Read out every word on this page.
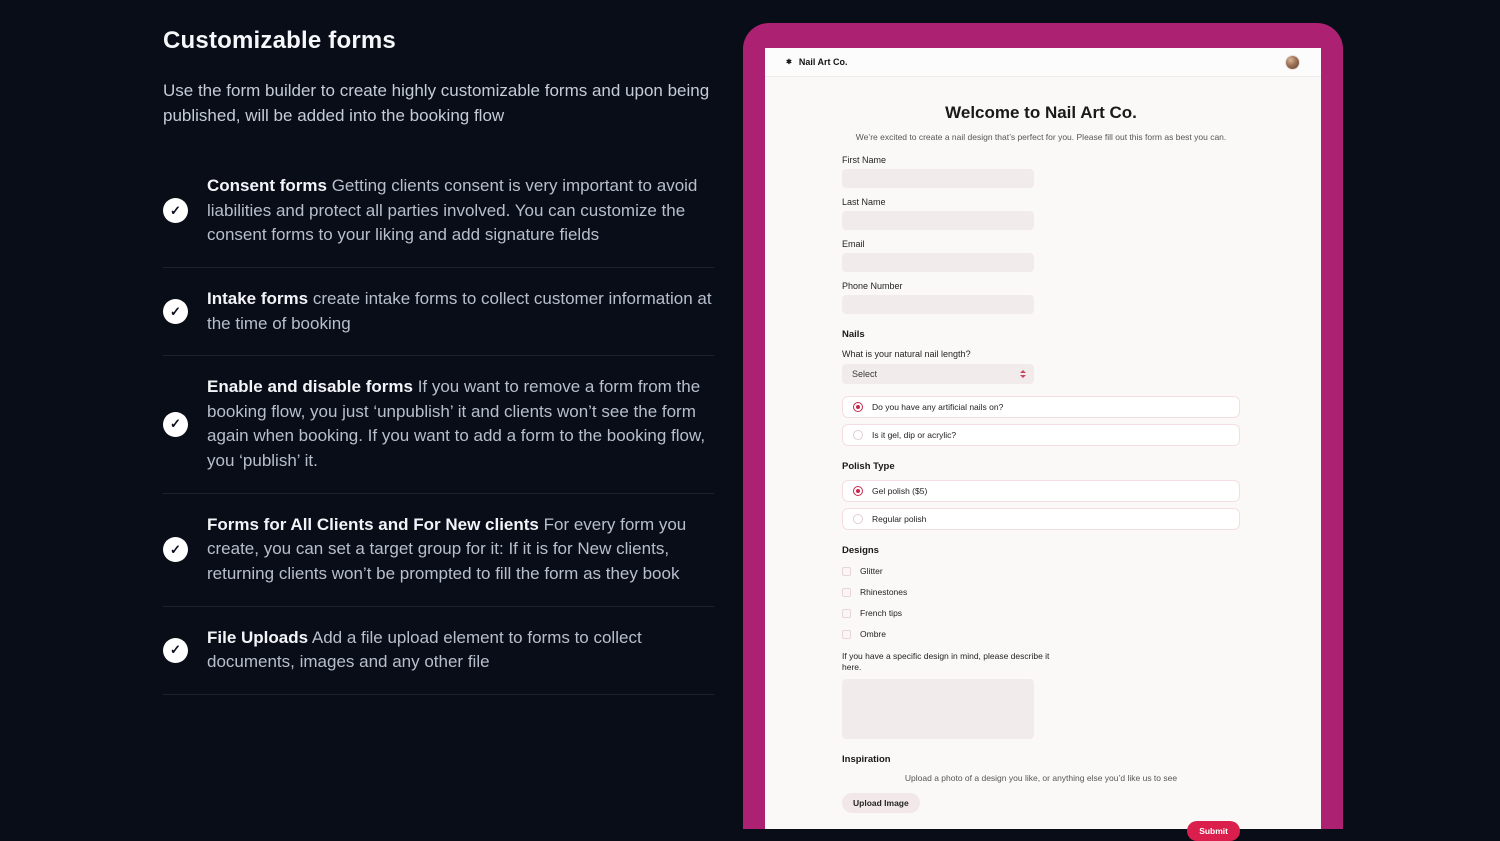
Customizable forms

Use the form builder to create highly customizable forms and upon being published, will be added into the booking flow

✓

Consent forms Getting clients consent is very important to avoid liabilities and protect all parties involved. You can customize the consent forms to your liking and add signature fields

✓

Intake forms create intake forms to collect customer information at the time of booking

✓

Enable and disable forms If you want to remove a form from the booking flow, you just ‘unpublish’ it and clients won’t see the form again when booking. If you want to add a form to the booking flow, you ‘publish’ it.

✓

Forms for All Clients and For New clients For every form you create, you can set a target group for it: If it is for New clients, returning clients won’t be prompted to fill the form as they book

✓

File Uploads Add a file upload element to forms to collect documents, images and any other file

✱ Nail Art Co.
Welcome to Nail Art Co.

We’re excited to create a nail design that’s perfect for you. Please fill out this form as best you can.

First Name
Last Name
Email
Phone Number
Nails
What is your natural nail length?
Select
Do you have any artificial nails on?
Is it gel, dip or acrylic?
Polish Type
Gel polish ($5)
Regular polish
Designs
Glitter
Rhinestones
French tips
Ombre
If you have a specific design in mind, please describe it here.
Inspiration
Upload a photo of a design you like, or anything else you’d like us to see
Upload Image
Submit
